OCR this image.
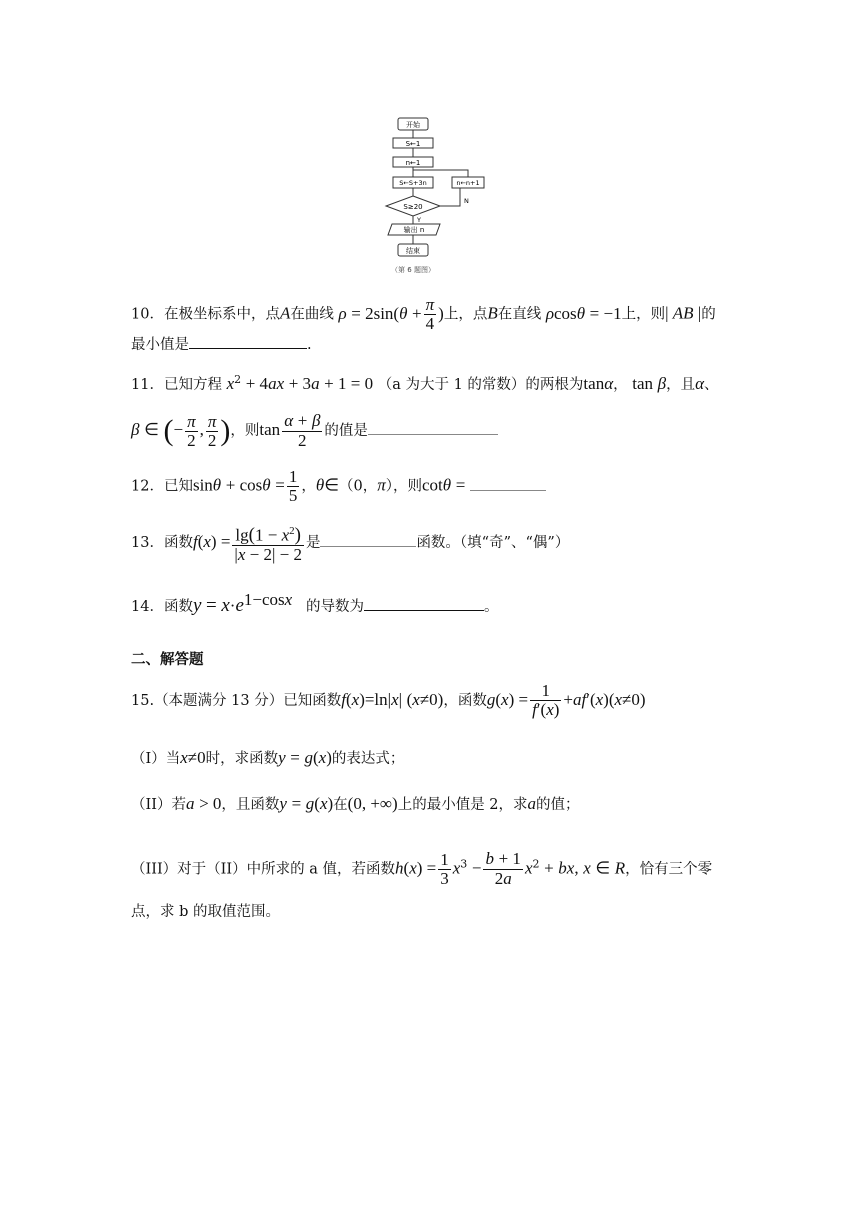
开始
S←1
n←1
S←S+3n	n←n+1
S≥20
N
Y
输出 n
结束
（第 6 题图）
10．在极坐标系中，点A在曲线 $\rho = 2\sin(\theta + \frac{\pi}{4}$ )上，点B在直线 ρcosθ = −1上，则| AB |的
最小值是	.
11．已知方程 $x^2 + 4ax + 3a + 1 = 0$ （a 为大于 1 的常数）的两根为tanα， tan β，且α、
β ∈ (− $\frac{\pi}{2}$ , $\frac{\pi}{2}$ )，则$\tan \frac{\alpha + \beta}{2}$ 的值是
12．已知$\sin\theta + \cos\theta = \frac{1}{5}$ ，θ∈（0，π），则cotθ =
13．函数$f(x) = \frac{\lg(1 - x^2)}{|x - 2| - 2}$ 是	函数。（填“奇”、“偶”）
14．函数$y = x\cdot e^{1-cosx}$ 的导数为	。
二、解答题
15.（本题满分 13 分）已知函数f(x)=ln|x| (x≠0)，函数$g(x) = \frac{1}{f'(x)} +af'(x)(x\ne 0)$
（I）当x≠0时，求函数y = g(x)的表达式；
（II）若a > 0，且函数y = g(x)在(0, +∞)上的最小值是 2，求a的值；
（III）对于（II）中所求的 a 值，若函数$h(x) = \frac{1}{3} x^3 - \frac{b + 1}{2a} x^2$ + bx, x ∈ R，恰有三个零
点，求 b 的取值范围。
